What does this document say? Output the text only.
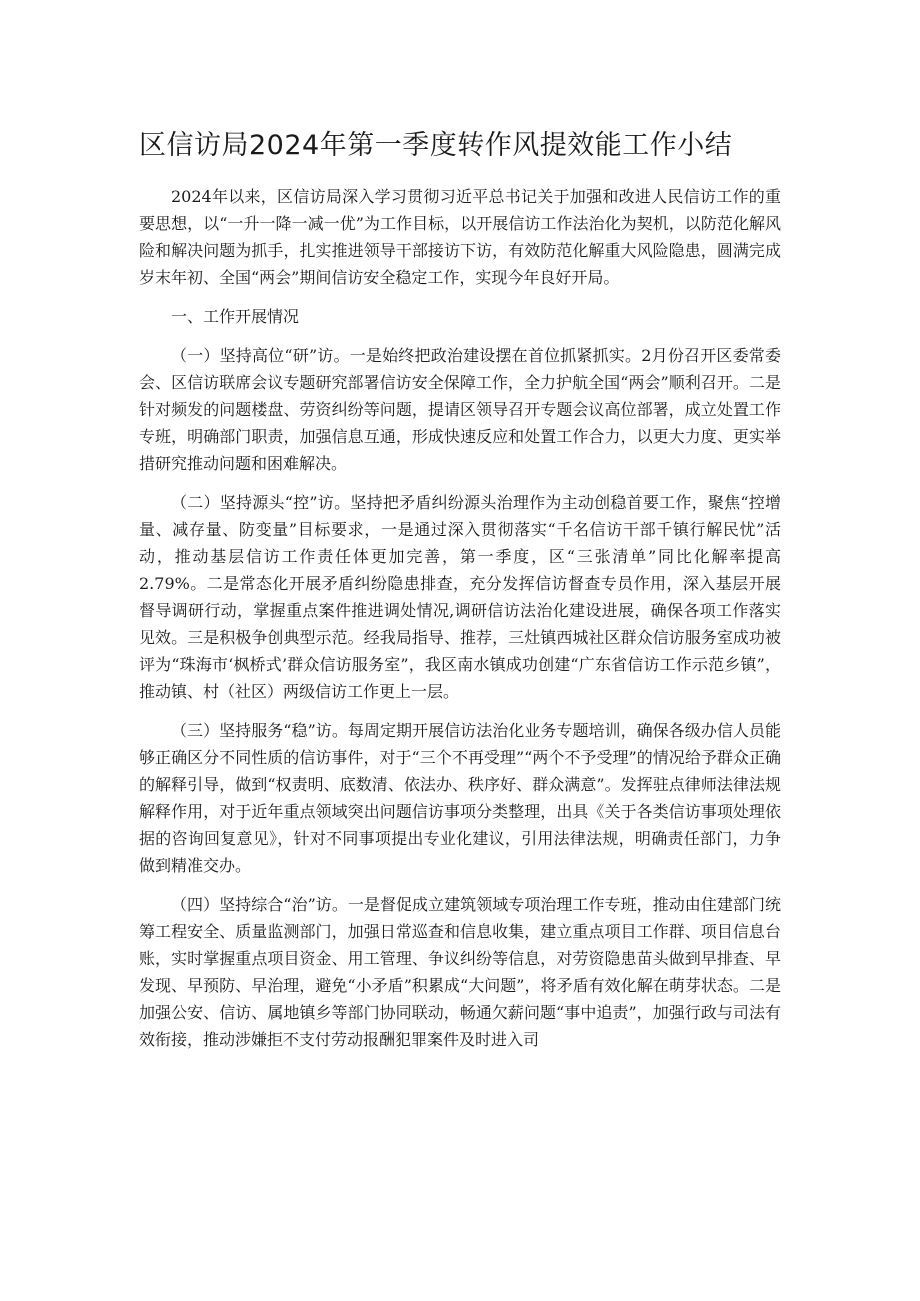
区信访局2024年第一季度转作风提效能工作小结

2024年以来，区信访局深入学习贯彻习近平总书记关于加强和改进人民信访工作的重要思想，以“一升一降一减一优”为工作目标，以开展信访工作法治化为契机，以防范化解风险和解决问题为抓手，扎实推进领导干部接访下访，有效防范化解重大风险隐患，圆满完成岁末年初、全国“两会”期间信访安全稳定工作，实现今年良好开局。

一、工作开展情况

（一）坚持高位“研”访。一是始终把政治建设摆在首位抓紧抓实。2月份召开区委常委会、区信访联席会议专题研究部署信访安全保障工作，全力护航全国“两会”顺利召开。二是针对频发的问题楼盘、劳资纠纷等问题，提请区领导召开专题会议高位部署，成立处置工作专班，明确部门职责，加强信息互通，形成快速反应和处置工作合力，以更大力度、更实举措研究推动问题和困难解决。

（二）坚持源头“控”访。坚持把矛盾纠纷源头治理作为主动创稳首要工作，聚焦“控增量、减存量、防变量”目标要求，一是通过深入贯彻落实“千名信访干部千镇行解民忧”活动，推动基层信访工作责任体更加完善，第一季度，区“三张清单”同比化解率提高2.79%。二是常态化开展矛盾纠纷隐患排查，充分发挥信访督查专员作用，深入基层开展督导调研行动，掌握重点案件推进调处情况,调研信访法治化建设进展，确保各项工作落实见效。三是积极争创典型示范。经我局指导、推荐，三灶镇西城社区群众信访服务室成功被评为“珠海市‘枫桥式’群众信访服务室”，我区南水镇成功创建“广东省信访工作示范乡镇”，推动镇、村（社区）两级信访工作更上一层。

（三）坚持服务“稳”访。每周定期开展信访法治化业务专题培训，确保各级办信人员能够正确区分不同性质的信访事件，对于“三个不再受理”“两个不予受理”的情况给予群众正确的解释引导，做到“权责明、底数清、依法办、秩序好、群众满意”。发挥驻点律师法律法规解释作用，对于近年重点领域突出问题信访事项分类整理，出具《关于各类信访事项处理依据的咨询回复意见》，针对不同事项提出专业化建议，引用法律法规，明确责任部门，力争做到精准交办。

（四）坚持综合“治”访。一是督促成立建筑领域专项治理工作专班，推动由住建部门统筹工程安全、质量监测部门，加强日常巡查和信息收集，建立重点项目工作群、项目信息台账，实时掌握重点项目资金、用工管理、争议纠纷等信息，对劳资隐患苗头做到早排查、早发现、早预防、早治理，避免“小矛盾”积累成“大问题”，将矛盾有效化解在萌芽状态。二是加强公安、信访、属地镇乡等部门协同联动，畅通欠薪问题“事中追责”，加强行政与司法有效衔接，推动涉嫌拒不支付劳动报酬犯罪案件及时进入司
